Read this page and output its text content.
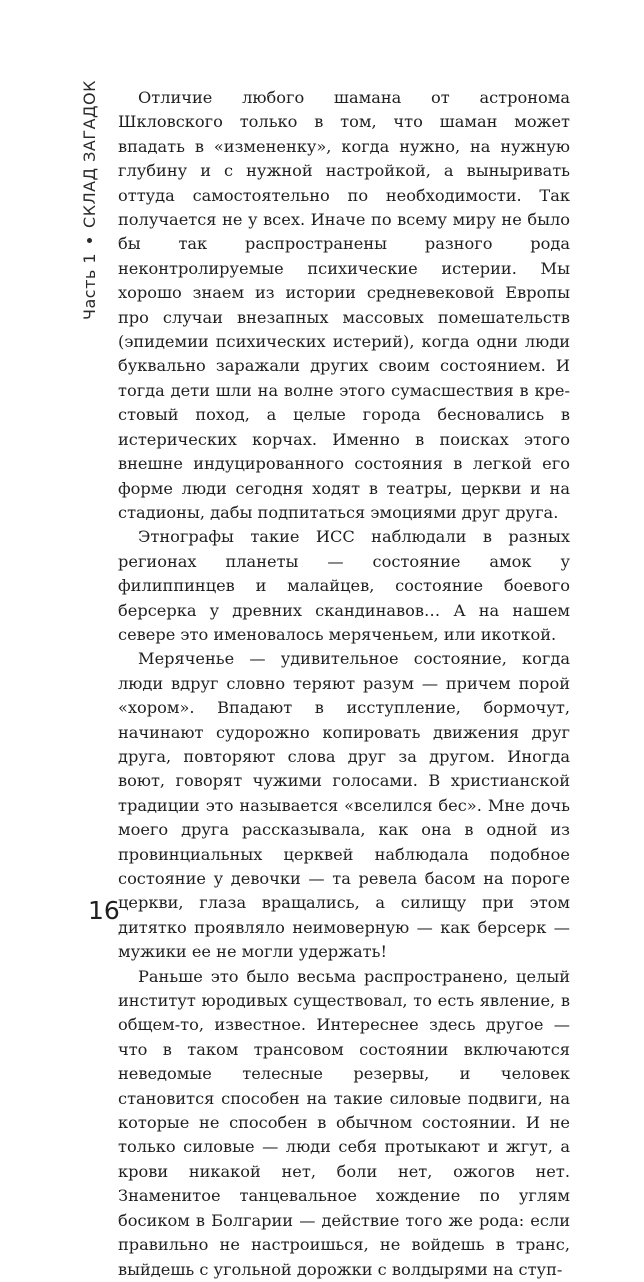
Часть 1
СКЛАД ЗАГАДОК	Отличие любого шамана от астронома Шкловского только в том, что шаман может впадать в «измененку», когда нужно, на нужную глубину и с нужной настройкой, а выныривать оттуда самостоятельно по необходимости. Так получается не у всех. Иначе по всему миру не было бы так распространены разного рода неконтролируемые психические истерии. Мы хорошо знаем из истории средневековой Европы про случаи внезапных массовых помешательств (эпидемии психических истерий), когда одни люди буквально заражали других своим состоянием. И тогда дети шли на волне этого сумасшествия в крестовый поход, а целые города бесновались в истерических корчах. Именно в поисках этого внешне индуцированного состояния в легкой его форме люди сегодня ходят в театры, церкви и на стадионы, дабы подпитаться эмоциями друг друга.

Этнографы такие ИСС наблюдали в разных регионах планеты — состояние амок у филиппинцев и малайцев, состояние боевого берсерка у древних скандинавов… А на нашем севере это именовалось меряченьем, или икоткой.

Меряченье — удивительное состояние, когда люди вдруг словно теряют разум — причем порой «хором». Впадают в исступление, бормочут, начинают судорожно копировать движения друг друга, повторяют слова друг за другом. Иногда воют, говорят чужими голосами. В христианской традиции это называется «вселился бес». Мне дочь моего друга рассказывала, как она в одной из провинциальных церквей наблюдала подобное состояние у девочки — та ревела басом на пороге церкви, глаза вращались, а силищу при этом дитятко проявляло неимоверную — как берсерк — мужики ее не могли удержать!

Раньше это было весьма распространено, целый институт юродивых существовал, то есть явление, в общем-то, известное. Интереснее здесь другое — что в таком трансовом состоянии включаются неведомые телесные резервы, и человек становится способен на такие силовые подвиги, на которые не способен в обычном состоянии. И не только силовые — люди себя протыкают и жгут, а крови никакой нет, боли нет, ожогов нет. Знаменитое танцевальное хождение по углям босиком в Болгарии — действие того же рода: если правильно не настроишься, не войдешь в транс, выйдешь с угольной дорожки с волдырями на ступ-

16
